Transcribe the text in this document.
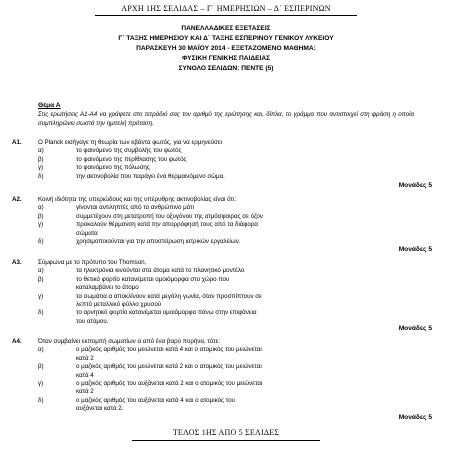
ΑΡΧΗ 1ΗΣ ΣΕΛΙΔΑΣ – Γ΄ ΗΜΕΡΗΣΙΩΝ – Δ΄ ΕΣΠΕΡΙΝΩΝ
ΠΑΝΕΛΛΑΔΙΚΕΣ ΕΞΕΤΑΣΕΙΣ
Γ΄ ΤΑΞΗΣ ΗΜΕΡΗΣΙΟΥ ΚΑΙ Δ΄ ΤΑΞΗΣ ΕΣΠΕΡΙΝΟΥ ΓΕΝΙΚΟΥ ΛΥΚΕΙΟΥ
ΠΑΡΑΣΚΕΥΗ 30 ΜΑΪΟΥ 2014 - ΕΞΕΤΑΖΟΜΕΝΟ ΜΑΘΗΜΑ:
ΦΥΣΙΚΗ ΓΕΝΙΚΗΣ ΠΑΙΔΕΙΑΣ
ΣΥΝΟΛΟ ΣΕΛΙΔΩΝ: ΠΕΝΤΕ (5)
Θέμα Α
Στις ερωτήσεις Α1-Α4 να γράψετε στο τετράδιό σας τον αριθμό της ερώτησης και, δίπλα, το γράμμα που αντιστοιχεί στη φράση η οποία συμπληρώνει σωστά την ημιτελή πρόταση.
Α1.	Ο Planck εισήγαγε τη θεωρία των κβάντα φωτός, για να ερμηνεύσει
α)	το φαινόμενο της συμβολής του φωτός
β)	το φαινόμενο της περίθλασης του φωτός
γ)	το φαινόμενο της πόλωσης
δ)	την ακτινοβολία που παράγει ένα θερμαινόμενο σώμα.
Μονάδες 5
Α2.	Κοινή ιδιότητα της υπεριώδους και της υπέρυθρης ακτινοβολίας είναι ότι:
α)	γίνονται αντιληπτές από το ανθρώπινο μάτι
β)	συμμετέχουν στη μετατροπή του οξυγόνου της ατμόσφαιρας σε όζον
γ)	προκαλούν θέρμανση κατά την απορρόφησή τους από τα διάφορα
σώματα
δ)	χρησιμοποιούνται για την αποστείρωση ιατρικών εργαλείων.
Μονάδες 5
Α3.	Σύμφωνα με το πρότυπο του Thomson,
α)	τα ηλεκτρόνια κινούνται στα άτομα κατά το πλανητικό μοντέλο
β)	το θετικό φορτίο κατανέμεται ομοιόμορφα στο χώρο που
καταλαμβάνει το άτομο
γ)	τα σωμάτια α αποκλίνουν κατά μεγάλη γωνία, όταν προσπίπτουν σε
λεπτό μεταλλικό φύλλο χρυσού
δ)	το αρνητικό φορτίο κατανέμεται ομοιόμορφα πάνω στην επιφάνεια
του ατόμου.
Μονάδες 5
Α4.	Όταν συμβαίνει εκπομπή σωματίων α από ένα βαρύ πυρήνα, τότε:
α)	ο μαζικός αριθμός του μειώνεται κατά 4 και ο ατομικός του μειώνεται
κατά 2
β)	ο μαζικός αριθμός του μειώνεται κατά 2 και ο ατομικός του μειώνεται
κατά 4
γ)	ο μαζικός αριθμός του αυξάνεται κατά 2 και ο ατομικός του μειώνεται
κατά 2
δ)	ο μαζικός αριθμός του αυξάνεται κατά 4 και ο ατομικός του
αυξάνεται κατά 2.
Μονάδες 5
ΤΕΛΟΣ 1ΗΣ ΑΠΟ 5 ΣΕΛΙΔΕΣ
